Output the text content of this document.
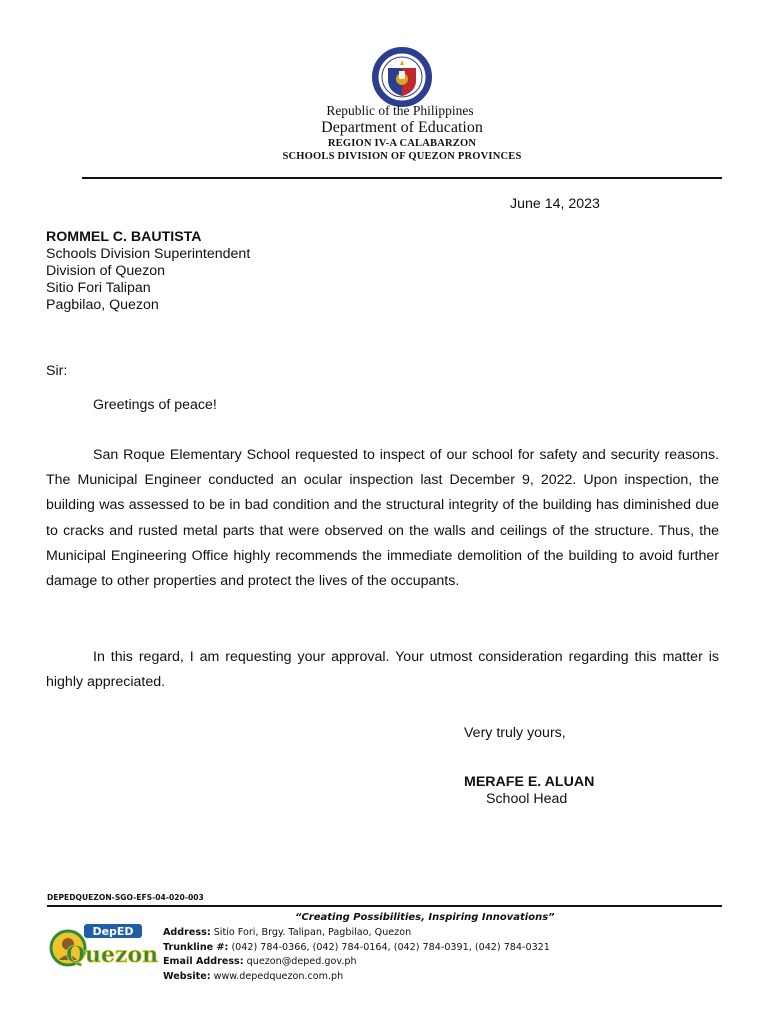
Republic of the Philippines
Department of Education
REGION IV-A CALABARZON
SCHOOLS DIVISION OF QUEZON PROVINCES
June 14, 2023
ROMMEL C. BAUTISTA
Schools Division Superintendent
Division of Quezon
Sitio Fori Talipan
Pagbilao, Quezon
Sir:
Greetings of peace!
San Roque Elementary School requested to inspect of our school for safety and security reasons. The Municipal Engineer conducted an ocular inspection last December 9, 2022. Upon inspection, the building was assessed to be in bad condition and the structural integrity of the building has diminished due to cracks and rusted metal parts that were observed on the walls and ceilings of the structure. Thus, the Municipal Engineering Office highly recommends the immediate demolition of the building to avoid further damage to other properties and protect the lives of the occupants.
In this regard, I am requesting your approval. Your utmost consideration regarding this matter is highly appreciated.
Very truly yours,
MERAFE E. ALUAN
School Head
DEPEDQUEZON-SGO-EFS-04-020-003
DepED
Quezon
“Creating Possibilities, Inspiring Innovations”
Address: Sitio Fori, Brgy. Talipan, Pagbilao, Quezon
Trunkline #: (042) 784-0366, (042) 784-0164, (042) 784-0391, (042) 784-0321
Email Address: quezon@deped.gov.ph
Website: www.depedquezon.com.ph
